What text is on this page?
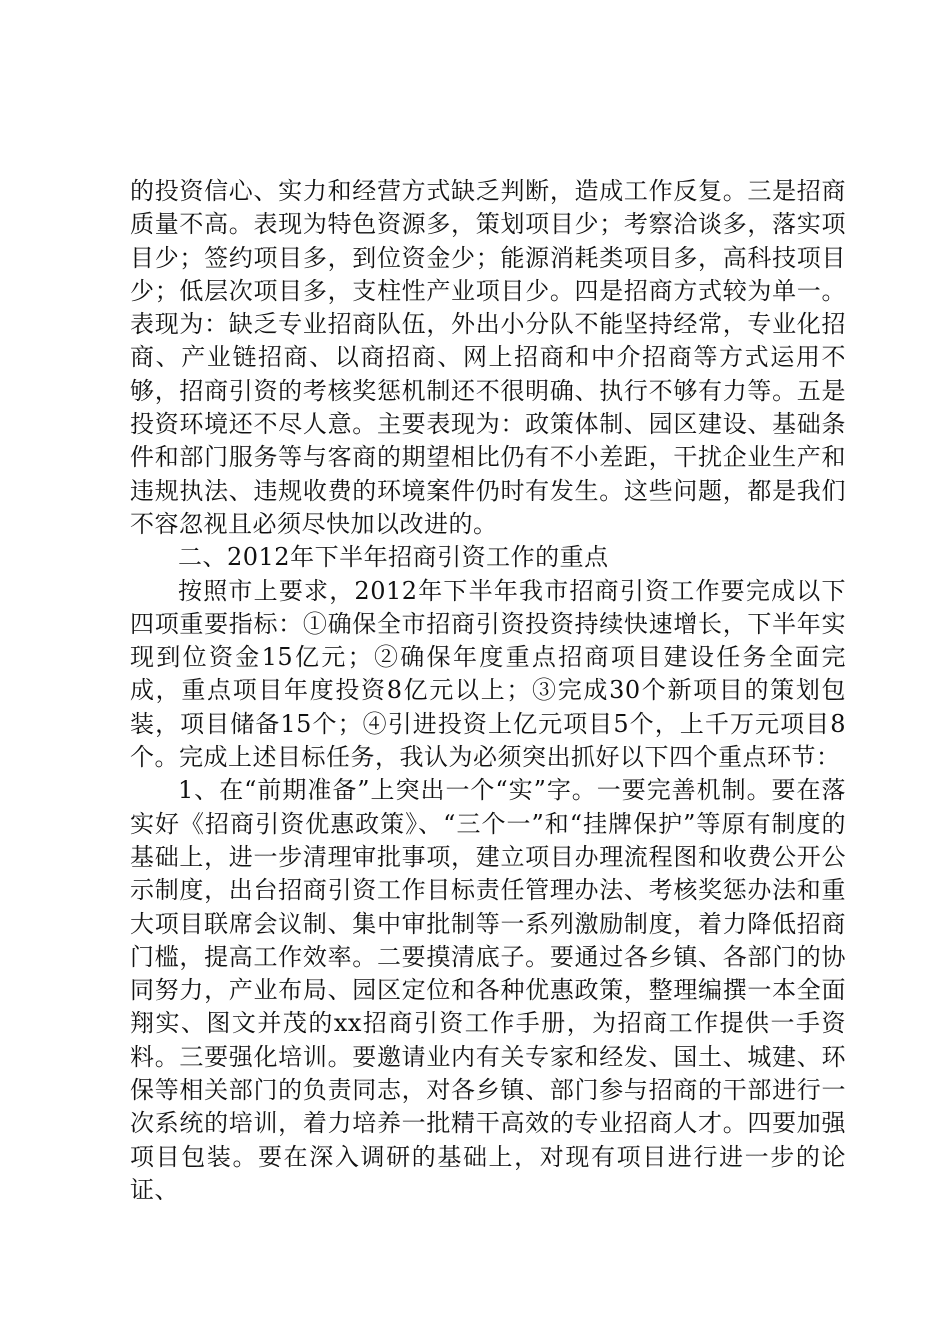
的投资信心、实力和经营方式缺乏判断，造成工作反复。三是招商质量不高。表现为特色资源多，策划项目少；考察洽谈多，落实项目少；签约项目多，到位资金少；能源消耗类项目多，高科技项目少；低层次项目多，支柱性产业项目少。四是招商方式较为单一。表现为：缺乏专业招商队伍，外出小分队不能坚持经常，专业化招商、产业链招商、以商招商、网上招商和中介招商等方式运用不够，招商引资的考核奖惩机制还不很明确、执行不够有力等。五是投资环境还不尽人意。主要表现为：政策体制、园区建设、基础条件和部门服务等与客商的期望相比仍有不小差距，干扰企业生产和违规执法、违规收费的环境案件仍时有发生。这些问题，都是我们不容忽视且必须尽快加以改进的。

二、2012年下半年招商引资工作的重点

按照市上要求，2012年下半年我市招商引资工作要完成以下四项重要指标：①确保全市招商引资投资持续快速增长，下半年实现到位资金15亿元；②确保年度重点招商项目建设任务全面完成，重点项目年度投资8亿元以上；③完成30个新项目的策划包装，项目储备15个；④引进投资上亿元项目5个，上千万元项目8个。完成上述目标任务，我认为必须突出抓好以下四个重点环节：

1、在“前期准备”上突出一个“实”字。一要完善机制。要在落实好《招商引资优惠政策》、“三个一”和“挂牌保护”等原有制度的基础上，进一步清理审批事项，建立项目办理流程图和收费公开公示制度，出台招商引资工作目标责任管理办法、考核奖惩办法和重大项目联席会议制、集中审批制等一系列激励制度，着力降低招商门槛，提高工作效率。二要摸清底子。要通过各乡镇、各部门的协同努力，产业布局、园区定位和各种优惠政策，整理编撰一本全面翔实、图文并茂的xx招商引资工作手册，为招商工作提供一手资料。三要强化培训。要邀请业内有关专家和经发、国土、城建、环保等相关部门的负责同志，对各乡镇、部门参与招商的干部进行一次系统的培训，着力培养一批精干高效的专业招商人才。四要加强项目包装。要在深入调研的基础上，对现有项目进行进一步的论证、
